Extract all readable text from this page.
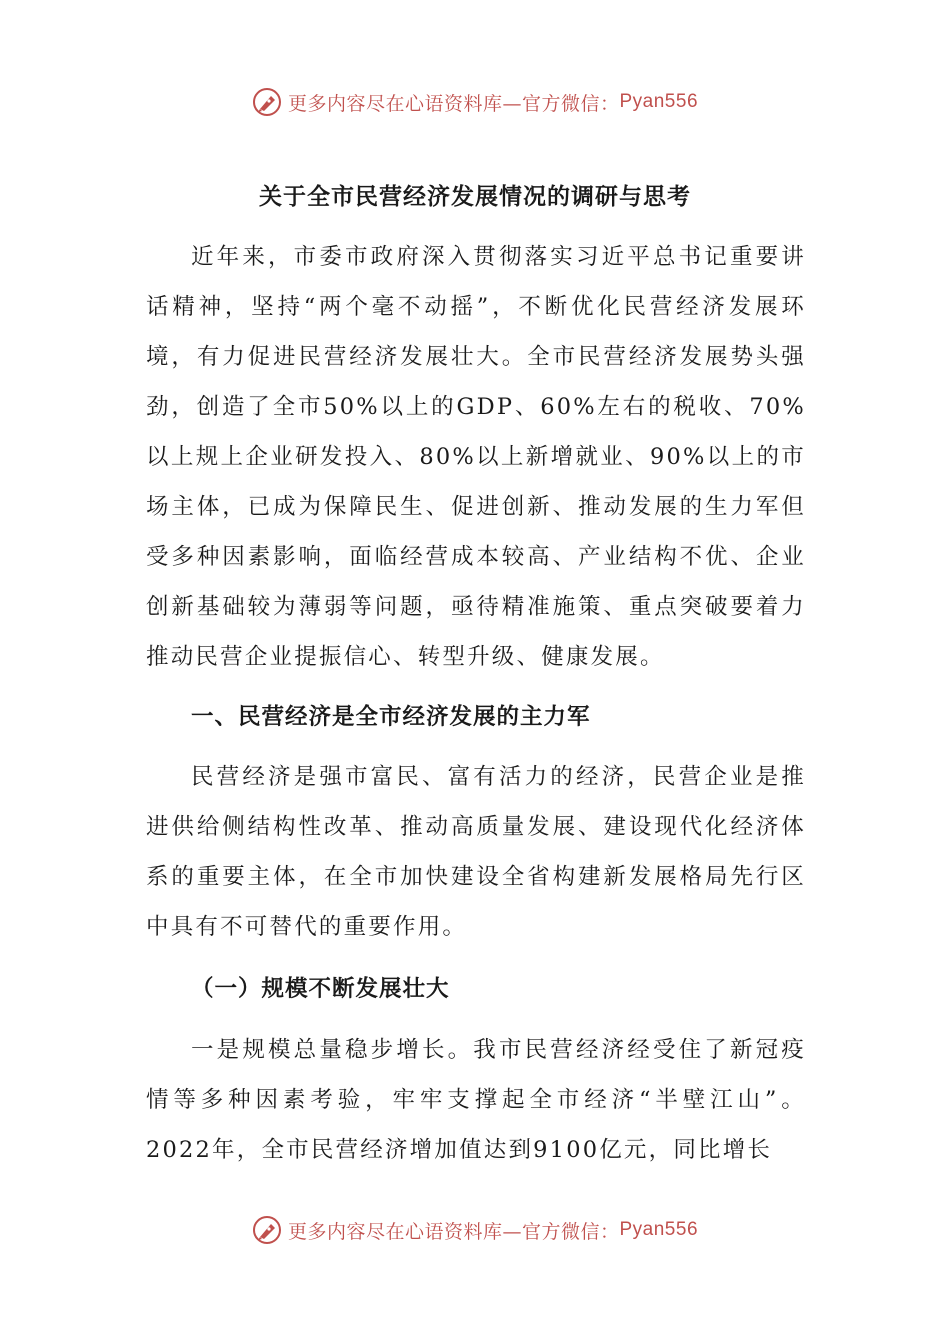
更多内容尽在心语资料库—官方微信： Pyan556
关于全市民营经济发展情况的调研与思考

近年来，市委市政府深入贯彻落实习近平总书记重要讲话精神，坚持“两个毫不动摇”，不断优化民营经济发展环境，有力促进民营经济发展壮大。全市民营经济发展势头强劲，创造了全市50%以上的GDP、60%左右的税收、70%以上规上企业研发投入、80%以上新增就业、90%以上的市场主体，已成为保障民生、促进创新、推动发展的生力军但受多种因素影响，面临经营成本较高、产业结构不优、企业创新基础较为薄弱等问题，亟待精准施策、重点突破要着力推动民营企业提振信心、转型升级、健康发展。

一、民营经济是全市经济发展的主力军

民营经济是强市富民、富有活力的经济，民营企业是推进供给侧结构性改革、推动高质量发展、建设现代化经济体系的重要主体，在全市加快建设全省构建新发展格局先行区中具有不可替代的重要作用。

（一）规模不断发展壮大

一是规模总量稳步增长。我市民营经济经受住了新冠疫情等多种因素考验，牢牢支撑起全市经济“半壁江山”。2022年，全市民营经济增加值达到9100亿元，同比增长

更多内容尽在心语资料库—官方微信： Pyan556
